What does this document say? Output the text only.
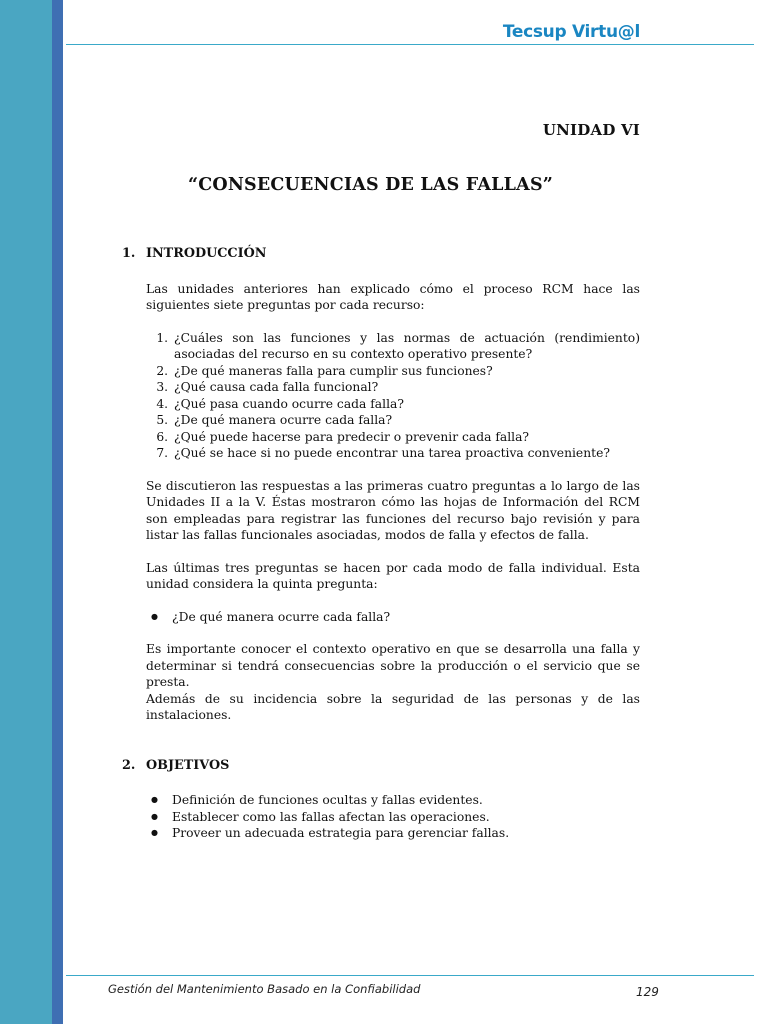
Tecsup Virtu@l
UNIDAD VI
“CONSECUENCIAS DE LAS FALLAS”
1. INTRODUCCIÓN

Las unidades anteriores han explicado cómo el proceso RCM hace las siguientes siete preguntas por cada recurso:

1. ¿Cuáles son las funciones y las normas de actuación (rendimiento) asociadas del recurso en su contexto operativo presente?
2. ¿De qué maneras falla para cumplir sus funciones?
3. ¿Qué causa cada falla funcional?
4. ¿Qué pasa cuando ocurre cada falla?
5. ¿De qué manera ocurre cada falla?
6. ¿Qué puede hacerse para predecir o prevenir cada falla?
7. ¿Qué se hace si no puede encontrar una tarea proactiva conveniente?

Se discutieron las respuestas a las primeras cuatro preguntas a lo largo de las Unidades II a la V. Éstas mostraron cómo las hojas de Información del RCM son empleadas para registrar las funciones del recurso bajo revisión y para listar las fallas funcionales asociadas, modos de falla y efectos de falla.

Las últimas tres preguntas se hacen por cada modo de falla individual. Esta unidad considera la quinta pregunta:

● ¿De qué manera ocurre cada falla?

Es importante conocer el contexto operativo en que se desarrolla una falla y determinar si tendrá consecuencias sobre la producción o el servicio que se presta.

Además de su incidencia sobre la seguridad de las personas y de las instalaciones.

2. OBJETIVOS
● Definición de funciones ocultas y fallas evidentes.
● Establecer como las fallas afectan las operaciones.
● Proveer un adecuada estrategia para gerenciar fallas.
Gestión del Mantenimiento Basado en la Confiabilidad	129
